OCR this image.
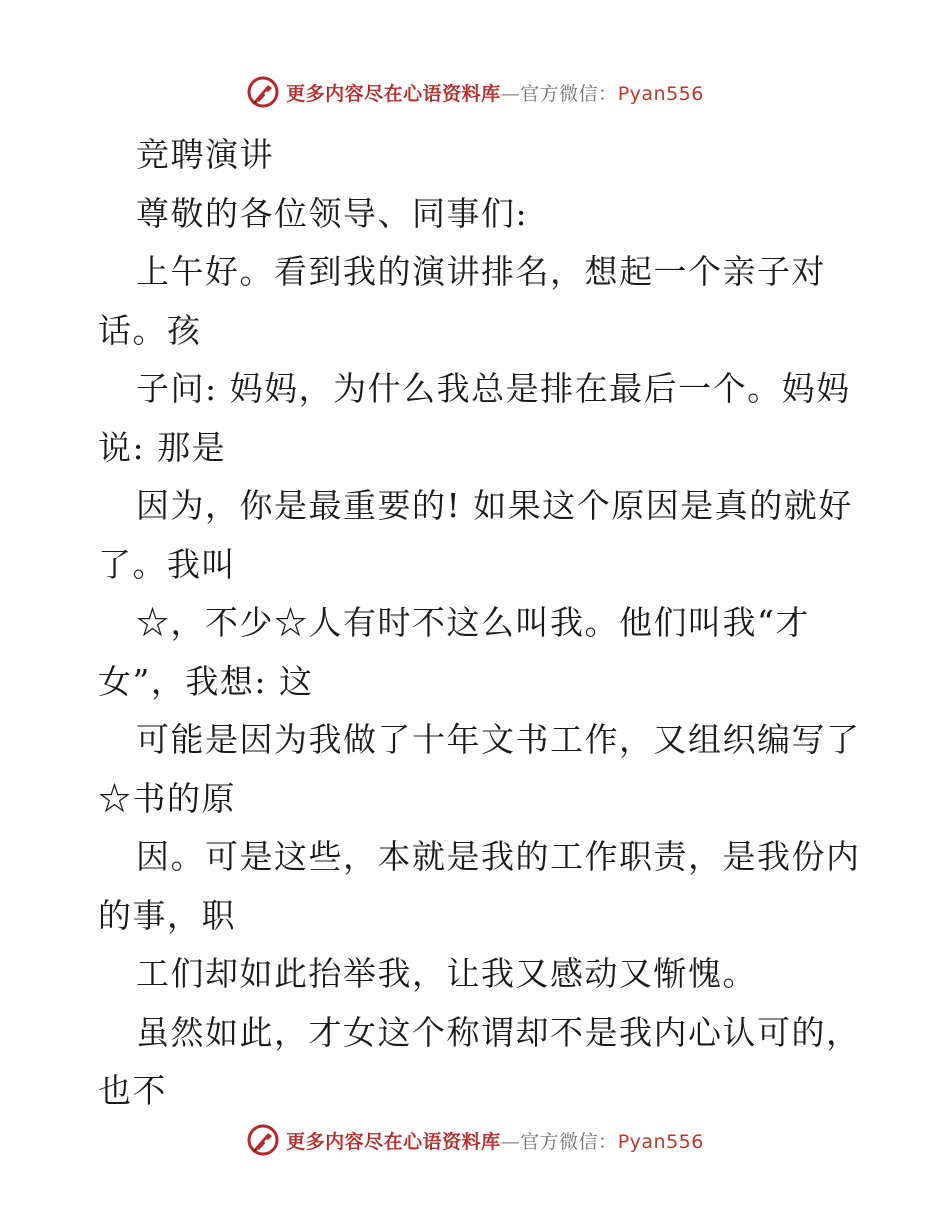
更多内容尽在心语资料库—官方微信：Pyan556
竞聘演讲
尊敬的各位领导、同事们:
上午好。看到我的演讲排名，想起一个亲子对
话。孩
子问: 妈妈，为什么我总是排在最后一个。妈妈
说: 那是
因为，你是最重要的! 如果这个原因是真的就好
了。我叫
☆，不少☆人有时不这么叫我。他们叫我“才
女”，我想: 这
可能是因为我做了十年文书工作，又组织编写了
☆书的原
因。可是这些，本就是我的工作职责，是我份内
的事，职
工们却如此抬举我，让我又感动又惭愧。
虽然如此，才女这个称谓却不是我内心认可的，
也不
更多内容尽在心语资料库—官方微信：Pyan556
